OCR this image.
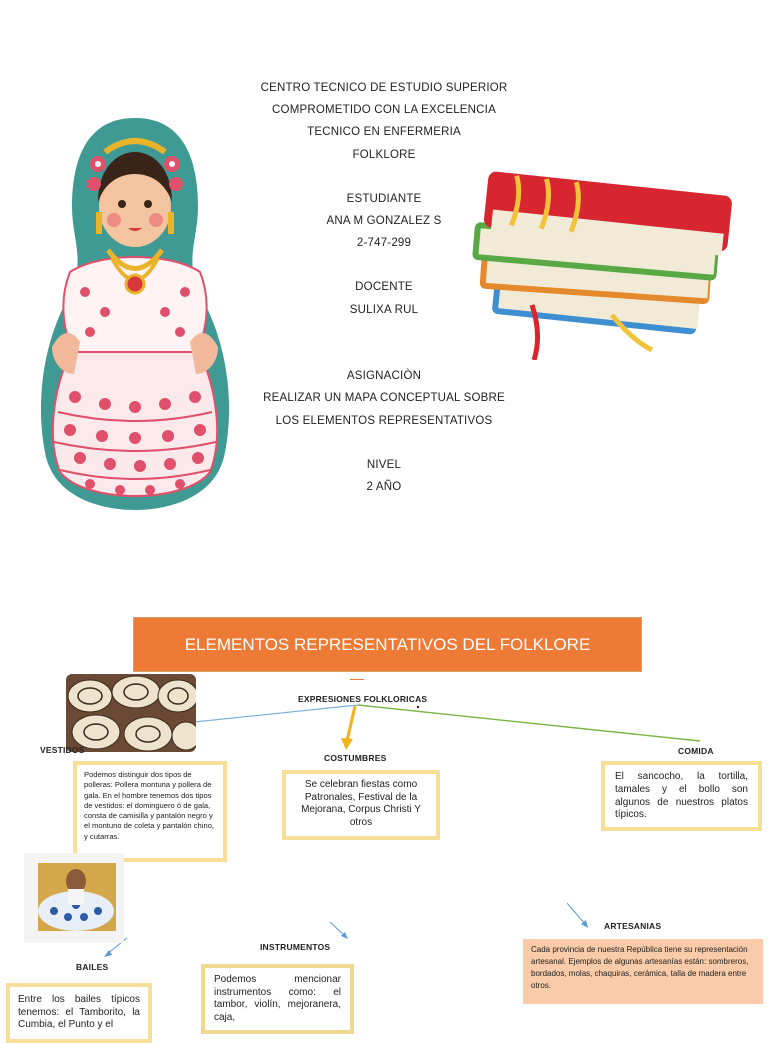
CENTRO TECNICO DE ESTUDIO SUPERIOR
COMPROMETIDO CON LA EXCELENCIA
TECNICO EN ENFERMERIA
FOLKLORE
ESTUDIANTE
ANA M GONZALEZ S
2-747-299
DOCENTE
SULIXA RUL
ASIGNACIÒN
REALIZAR UN MAPA CONCEPTUAL SOBRE
LOS ELEMENTOS REPRESENTATIVOS
NIVEL
2 AÑO
ELEMENTOS REPRESENTATIVOS DEL FOLKLORE
EXPRESIONES FOLKLORICAS
VESTIDOS
Podemos distinguir dos tipos de polleras: Pollera montuna y pollera de gala. En el hombre tenemos dos tipos de vestidos: el dominguero ó de gala, consta de camisilla y pantalón negro y el montuno de coleta y pantalón chino, y cutarras.
COSTUMBRES
Se celebran fiestas como Patronales, Festival de la Mejorana, Corpus Christi Y otros
COMIDA
El sancocho, la tortilla, tamales y el bollo son algunos de nuestros platos típicos.
BAILES
Entre los bailes típicos tenemos: el Tamborito, la Cumbia, el Punto y el
INSTRUMENTOS
Podemos mencionar instrumentos como: el tambor, violín, mejoranera, caja,
ARTESANIAS
Cada provincia de nuestra República tiene su representación artesanal. Ejemplos de algunas artesanías están: sombreros, bordados, molas, chaquiras, cerámica, talla de madera entre otros.
